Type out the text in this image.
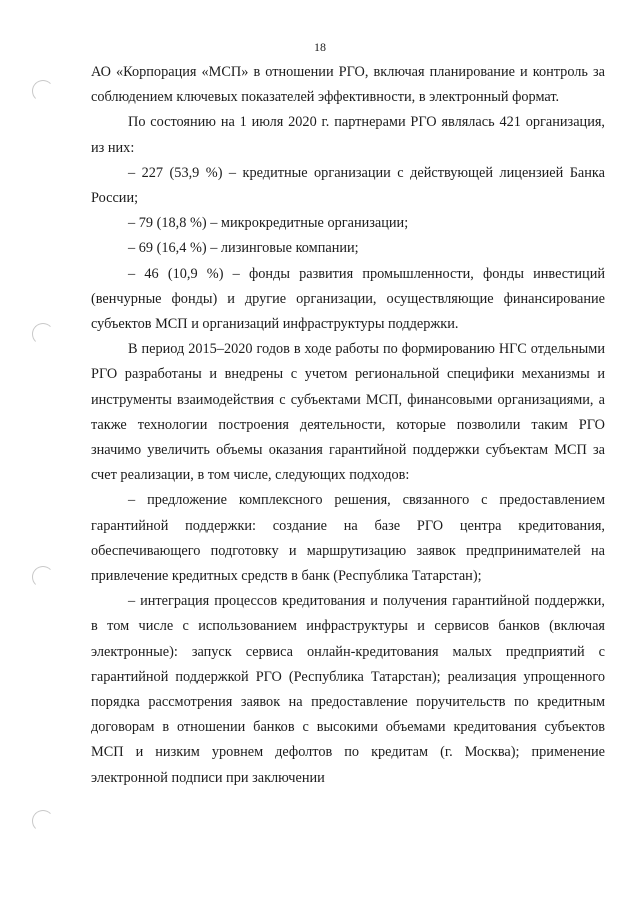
18

АО «Корпорация «МСП» в отношении РГО, включая планирование и контроль за соблюдением ключевых показателей эффективности, в электронный формат.

По состоянию на 1 июля 2020 г. партнерами РГО являлась 421 организация, из них:

– 227 (53,9 %) – кредитные организации с действующей лицензией Банка России;

– 79 (18,8 %) – микрокредитные организации;

– 69 (16,4 %) – лизинговые компании;

– 46 (10,9 %) – фонды развития промышленности, фонды инвестиций (венчурные фонды) и другие организации, осуществляющие финансирование субъектов МСП и организаций инфраструктуры поддержки.

В период 2015–2020 годов в ходе работы по формированию НГС отдельными РГО разработаны и внедрены с учетом региональной специфики механизмы и инструменты взаимодействия с субъектами МСП, финансовыми организациями, а также технологии построения деятельности, которые позволили таким РГО значимо увеличить объемы оказания гарантийной поддержки субъектам МСП за счет реализации, в том числе, следующих подходов:

– предложение комплексного решения, связанного с предоставлением гарантийной поддержки: создание на базе РГО центра кредитования, обеспечивающего подготовку и маршрутизацию заявок предпринимателей на привлечение кредитных средств в банк (Республика Татарстан);

– интеграция процессов кредитования и получения гарантийной поддержки, в том числе с использованием инфраструктуры и сервисов банков (включая электронные): запуск сервиса онлайн-кредитования малых предприятий с гарантийной поддержкой РГО (Республика Татарстан); реализация упрощенного порядка рассмотрения заявок на предоставление поручительств по кредитным договорам в отношении банков с высокими объемами кредитования субъектов МСП и низким уровнем дефолтов по кредитам (г. Москва); применение электронной подписи при заключении
